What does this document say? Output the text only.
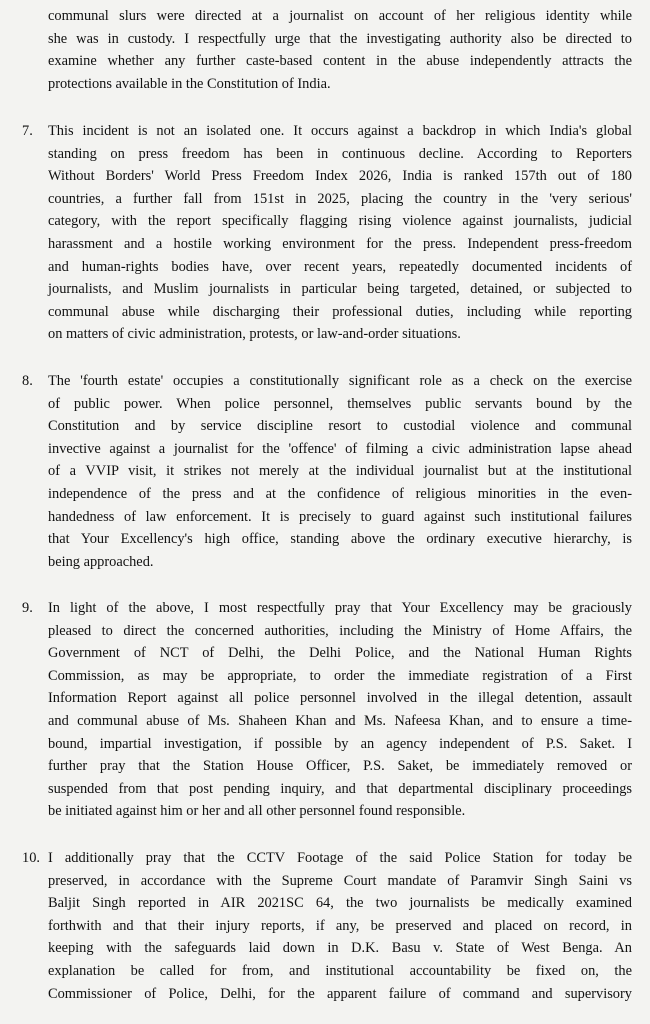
communal slurs were directed at a journalist on account of her religious identity while
she was in custody. I respectfully urge that the investigating authority also be directed to
examine whether any further caste-based content in the abuse independently attracts the
protections available in the Constitution of India.
7.	This incident is not an isolated one. It occurs against a backdrop in which India's global
standing on press freedom has been in continuous decline. According to Reporters
Without Borders' World Press Freedom Index 2026, India is ranked 157th out of 180
countries, a further fall from 151st in 2025, placing the country in the 'very serious'
category, with the report specifically flagging rising violence against journalists, judicial
harassment and a hostile working environment for the press. Independent press-freedom
and human-rights bodies have, over recent years, repeatedly documented incidents of
journalists, and Muslim journalists in particular being targeted, detained, or subjected to
communal abuse while discharging their professional duties, including while reporting
on matters of civic administration, protests, or law-and-order situations.
8.	The 'fourth estate' occupies a constitutionally significant role as a check on the exercise
of public power. When police personnel, themselves public servants bound by the
Constitution and by service discipline resort to custodial violence and communal
invective against a journalist for the 'offence' of filming a civic administration lapse ahead
of a VVIP visit, it strikes not merely at the individual journalist but at the institutional
independence of the press and at the confidence of religious minorities in the even-
handedness of law enforcement. It is precisely to guard against such institutional failures
that Your Excellency's high office, standing above the ordinary executive hierarchy, is
being approached.
9.	In light of the above, I most respectfully pray that Your Excellency may be graciously
pleased to direct the concerned authorities, including the Ministry of Home Affairs, the
Government of NCT of Delhi, the Delhi Police, and the National Human Rights
Commission, as may be appropriate, to order the immediate registration of a First
Information Report against all police personnel involved in the illegal detention, assault
and communal abuse of Ms. Shaheen Khan and Ms. Nafeesa Khan, and to ensure a time-
bound, impartial investigation, if possible by an agency independent of P.S. Saket. I
further pray that the Station House Officer, P.S. Saket, be immediately removed or
suspended from that post pending inquiry, and that departmental disciplinary proceedings
be initiated against him or her and all other personnel found responsible.
10. I additionally pray that the CCTV Footage of the said Police Station for today be
preserved, in accordance with the Supreme Court mandate of Paramvir Singh Saini vs
Baljit Singh reported in AIR 2021SC 64, the two journalists be medically examined
forthwith and that their injury reports, if any, be preserved and placed on record, in
keeping with the safeguards laid down in D.K. Basu v. State of West Benga. An
explanation be called for from, and institutional accountability be fixed on, the
Commissioner of Police, Delhi, for the apparent failure of command and supervisory
